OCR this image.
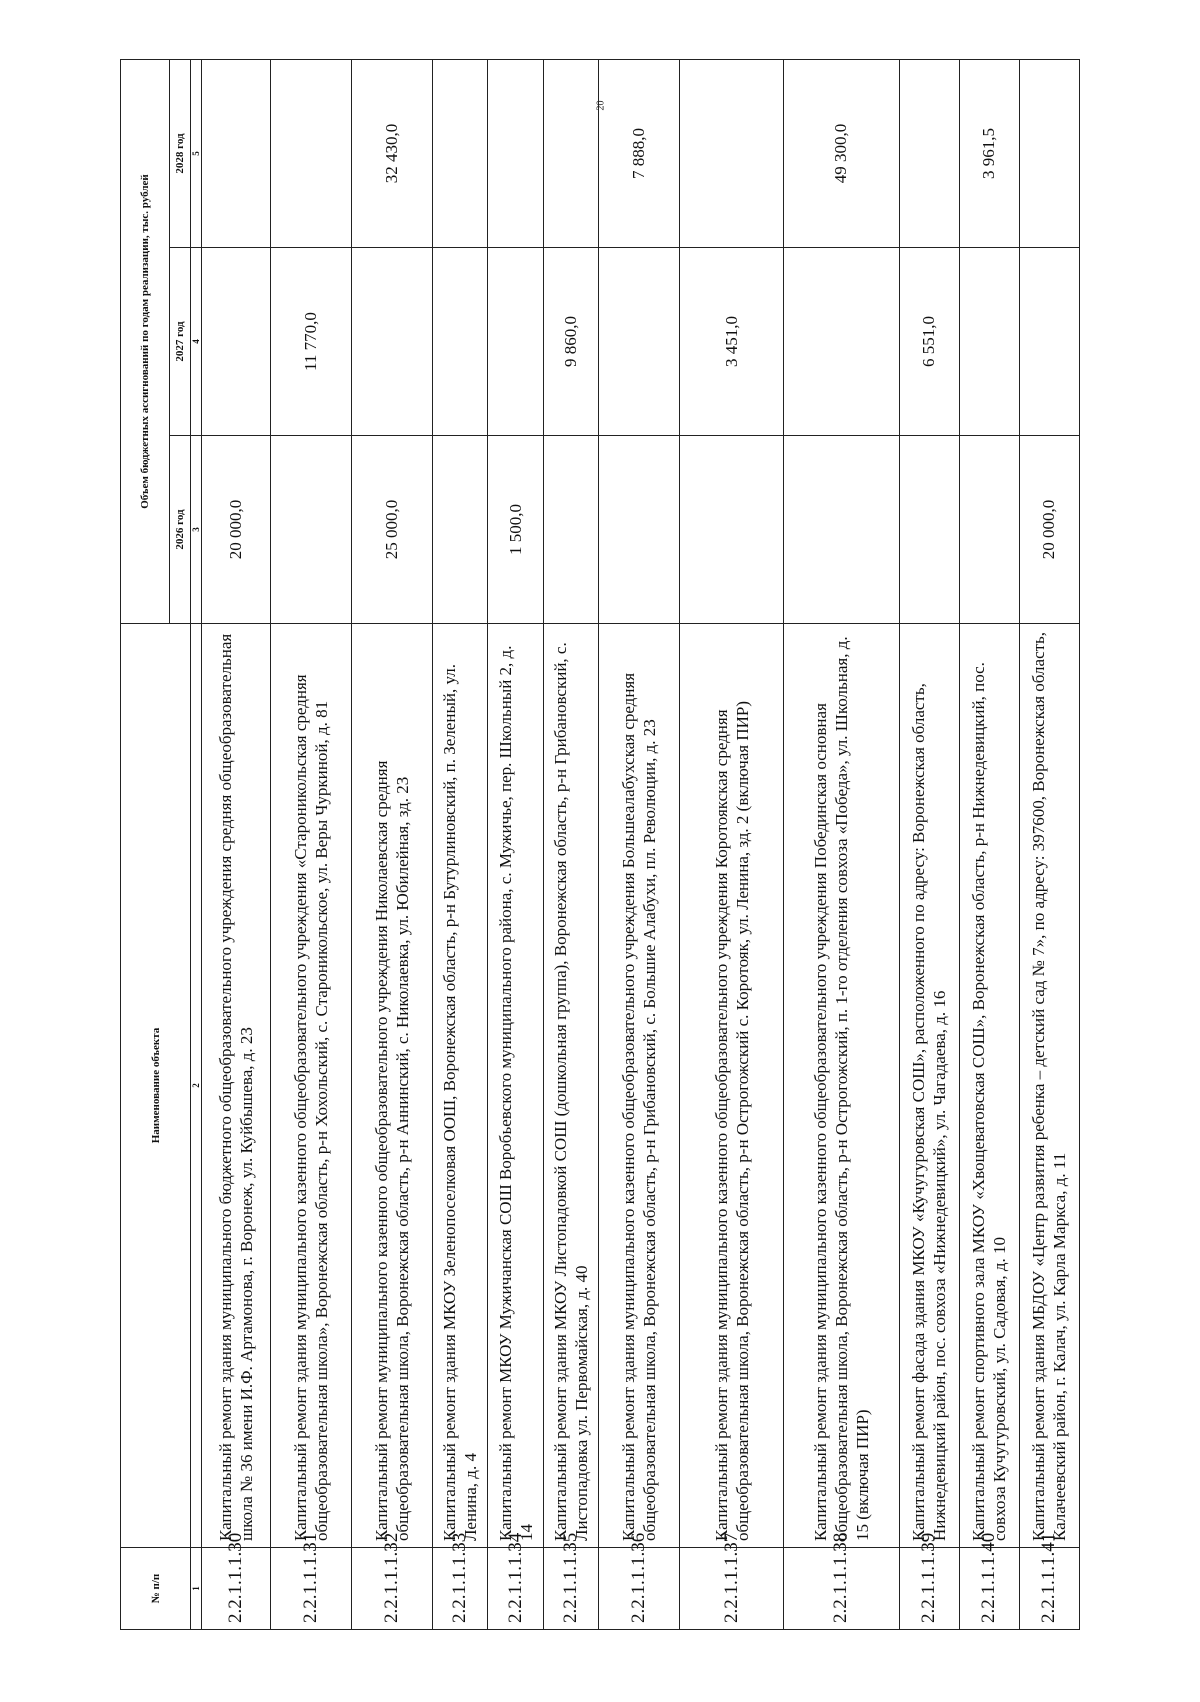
20
№ п/п	Наименование объекта	Объем бюджетных ассигнований по годам реализации, тыс. рублей		
		2026 год	2027 год	2028 год
1	2	3	4	5
2.2.1.1.1.30	Капитальный ремонт здания муниципального бюджетного общеобразовательного учреждения средняя общеобразовательная школа № 36 имени И.Ф. Артамонова, г. Воронеж, ул. Куйбышева, д. 23	20 000,0		
2.2.1.1.1.31	Капитальный ремонт здания муниципального казенного общеобразовательного учреждения «Староникольская средняя общеобразовательная школа», Воронежская область, р-н Хохольский, с. Староникольское, ул. Веры Чуркиной, д. 81		11 770,0	
2.2.1.1.1.32	Капитальный ремонт муниципального казенного общеобразовательного учреждения Николаевская средняя общеобразовательная школа, Воронежская область, р-н Аннинский, с. Николаевка, ул. Юбилейная, зд. 23	25 000,0		32 430,0
2.2.1.1.1.33	Капитальный ремонт здания МКОУ Зеленопоселковая ООШ, Воронежская область, р-н Бутурлиновский, п. Зеленый, ул. Ленина, д. 4			
2.2.1.1.1.34	Капитальный ремонт МКОУ Мужичанская СОШ Воробьевского муниципального района, с. Мужичье, пер. Школьный 2, д. 14	1 500,0		
2.2.1.1.1.35	Капитальный ремонт здания МКОУ Листопадовкой СОШ (дошкольная группа), Воронежская область, р-н Грибановский, с. Листопадовка ул. Первомайская, д. 40		9 860,0	
2.2.1.1.1.36	Капитальный ремонт здания муниципального казенного общеобразовательного учреждения Большеалабухская средняя общеобразовательная школа, Воронежская область, р-н Грибановский, с. Большие Алабухи, пл. Революции, д. 23			7 888,0
2.2.1.1.1.37	Капитальный ремонт здания муниципального казенного общеобразовательного учреждения Коротоякская средняя общеобразовательная школа, Воронежская область, р-н Острогожский с. Коротояк, ул. Ленина, зд. 2 (включая ПИР)		3 451,0	
2.2.1.1.1.38	Капитальный ремонт здания муниципального казенного общеобразовательного учреждения Побединская основная общеобразовательная школа, Воронежская область, р-н Острогожский, п. 1-го отделения совхоза «Победа», ул. Школьная, д. 15 (включая ПИР)			49 300,0
2.2.1.1.1.39	Капитальный ремонт фасада здания МКОУ «Кучугуровская СОШ», расположенного по адресу: Воронежская область, Нижнедевицкий район, пос. совхоза «Нижнедевицкий», ул. Чагадаева, д. 16		6 551,0	
2.2.1.1.1.40	Капитальный ремонт спортивного зала МКОУ «Хвощеватовская СОШ», Воронежская область, р-н Нижнедевицкий, пос. совхоза Кучугуровский, ул. Садовая, д. 10			3 961,5
2.2.1.1.1.41	Капитальный ремонт здания МБДОУ «Центр развития ребенка – детский сад № 7», по адресу: 397600, Воронежская область, Калачеевский район, г. Калач, ул. Карла Маркса, д. 11	20 000,0		
